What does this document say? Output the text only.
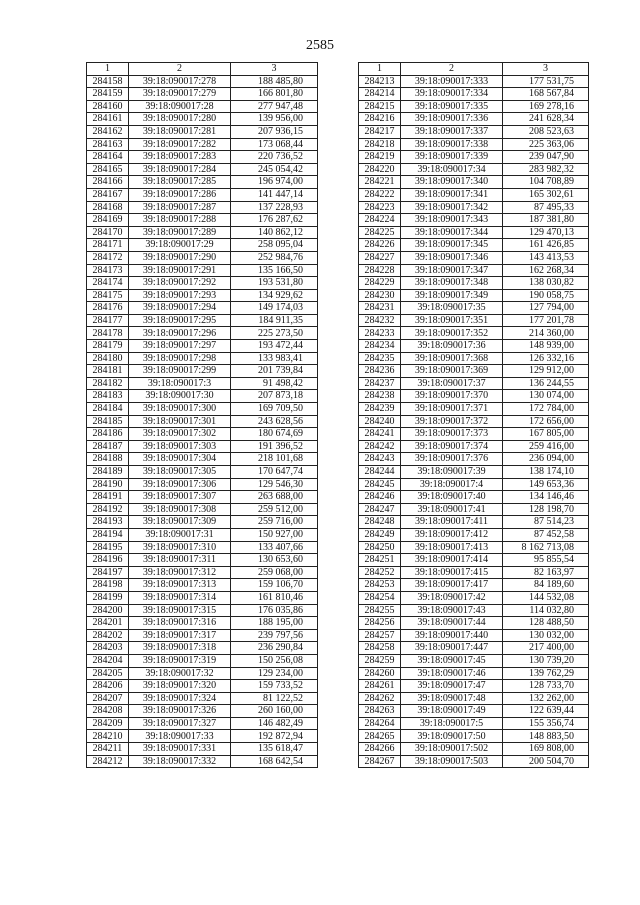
2585
1	2	3
284158	39:18:090017:278	188 485,80
284159	39:18:090017:279	166 801,80
284160	39:18:090017:28	277 947,48
284161	39:18:090017:280	139 956,00
284162	39:18:090017:281	207 936,15
284163	39:18:090017:282	173 068,44
284164	39:18:090017:283	220 736,52
284165	39:18:090017:284	245 054,42
284166	39:18:090017:285	196 974,00
284167	39:18:090017:286	141 447,14
284168	39:18:090017:287	137 228,93
284169	39:18:090017:288	176 287,62
284170	39:18:090017:289	140 862,12
284171	39:18:090017:29	258 095,04
284172	39:18:090017:290	252 984,76
284173	39:18:090017:291	135 166,50
284174	39:18:090017:292	193 531,80
284175	39:18:090017:293	134 929,62
284176	39:18:090017:294	149 174,03
284177	39:18:090017:295	184 911,35
284178	39:18:090017:296	225 273,50
284179	39:18:090017:297	193 472,44
284180	39:18:090017:298	133 983,41
284181	39:18:090017:299	201 739,84
284182	39:18:090017:3	91 498,42
284183	39:18:090017:30	207 873,18
284184	39:18:090017:300	169 709,50
284185	39:18:090017:301	243 628,56
284186	39:18:090017:302	180 674,69
284187	39:18:090017:303	191 396,52
284188	39:18:090017:304	218 101,68
284189	39:18:090017:305	170 647,74
284190	39:18:090017:306	129 546,30
284191	39:18:090017:307	263 688,00
284192	39:18:090017:308	259 512,00
284193	39:18:090017:309	259 716,00
284194	39:18:090017:31	150 927,00
284195	39:18:090017:310	133 407,66
284196	39:18:090017:311	130 653,60
284197	39:18:090017:312	259 068,00
284198	39:18:090017:313	159 106,70
284199	39:18:090017:314	161 810,46
284200	39:18:090017:315	176 035,86
284201	39:18:090017:316	188 195,00
284202	39:18:090017:317	239 797,56
284203	39:18:090017:318	236 290,84
284204	39:18:090017:319	150 256,08
284205	39:18:090017:32	129 234,00
284206	39:18:090017:320	159 733,52
284207	39:18:090017:324	81 122,52
284208	39:18:090017:326	260 160,00
284209	39:18:090017:327	146 482,49
284210	39:18:090017:33	192 872,94
284211	39:18:090017:331	135 618,47
284212	39:18:090017:332	168 642,54
1	2	3
284213	39:18:090017:333	177 531,75
284214	39:18:090017:334	168 567,84
284215	39:18:090017:335	169 278,16
284216	39:18:090017:336	241 628,34
284217	39:18:090017:337	208 523,63
284218	39:18:090017:338	225 363,06
284219	39:18:090017:339	239 047,90
284220	39:18:090017:34	283 982,32
284221	39:18:090017:340	104 708,89
284222	39:18:090017:341	165 302,61
284223	39:18:090017:342	87 495,33
284224	39:18:090017:343	187 381,80
284225	39:18:090017:344	129 470,13
284226	39:18:090017:345	161 426,85
284227	39:18:090017:346	143 413,53
284228	39:18:090017:347	162 268,34
284229	39:18:090017:348	138 030,82
284230	39:18:090017:349	190 058,75
284231	39:18:090017:35	127 794,00
284232	39:18:090017:351	177 201,78
284233	39:18:090017:352	214 360,00
284234	39:18:090017:36	148 939,00
284235	39:18:090017:368	126 332,16
284236	39:18:090017:369	129 912,00
284237	39:18:090017:37	136 244,55
284238	39:18:090017:370	130 074,00
284239	39:18:090017:371	172 784,00
284240	39:18:090017:372	172 656,00
284241	39:18:090017:373	167 805,00
284242	39:18:090017:374	259 416,00
284243	39:18:090017:376	236 094,00
284244	39:18:090017:39	138 174,10
284245	39:18:090017:4	149 653,36
284246	39:18:090017:40	134 146,46
284247	39:18:090017:41	128 198,70
284248	39:18:090017:411	87 514,23
284249	39:18:090017:412	87 452,58
284250	39:18:090017:413	8 162 713,08
284251	39:18:090017:414	95 855,54
284252	39:18:090017:415	82 163,97
284253	39:18:090017:417	84 189,60
284254	39:18:090017:42	144 532,08
284255	39:18:090017:43	114 032,80
284256	39:18:090017:44	128 488,50
284257	39:18:090017:440	130 032,00
284258	39:18:090017:447	217 400,00
284259	39:18:090017:45	130 739,20
284260	39:18:090017:46	139 762,29
284261	39:18:090017:47	128 733,70
284262	39:18:090017:48	132 262,00
284263	39:18:090017:49	122 639,44
284264	39:18:090017:5	155 356,74
284265	39:18:090017:50	148 883,50
284266	39:18:090017:502	169 808,00
284267	39:18:090017:503	200 504,70
